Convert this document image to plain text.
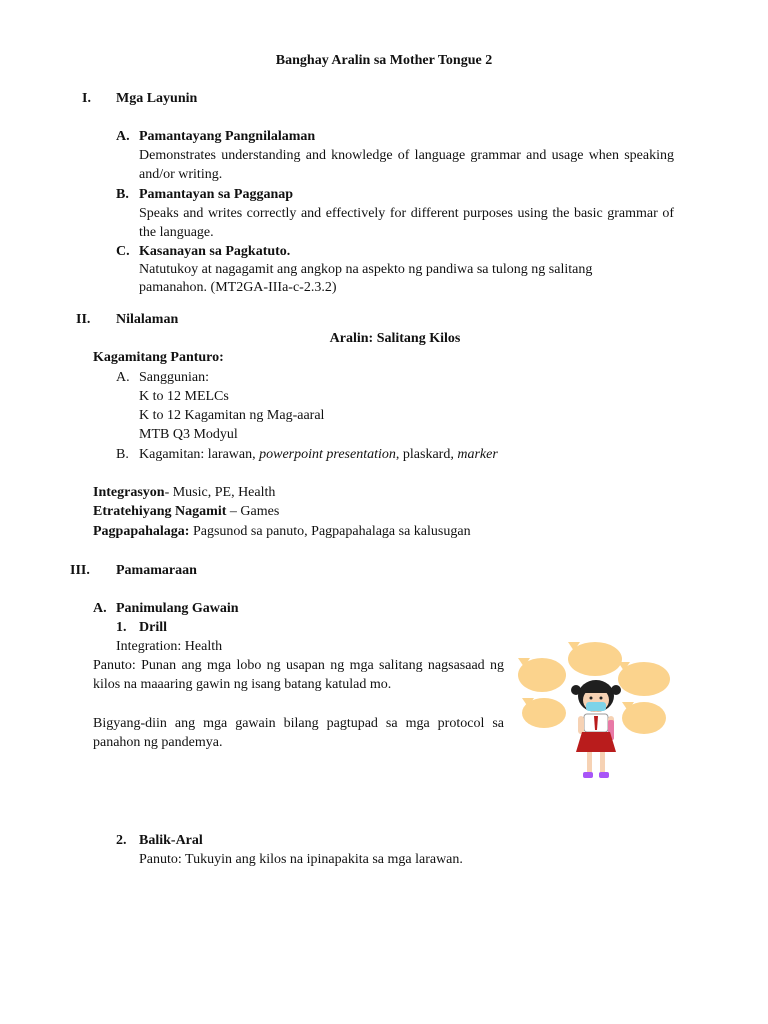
Banghay Aralin sa Mother Tongue 2
I. Mga Layunin
A. Pamantayang Pangnilalaman
Demonstrates understanding and knowledge of language grammar and usage when speaking and/or writing.
B. Pamantayan sa Pagganap
Speaks and writes correctly and effectively for different purposes using the basic grammar of the language.
C. Kasanayan sa Pagkatuto.
Natutukoy at nagagamit ang angkop na aspekto ng pandiwa sa tulong ng salitang
pamanahon. (MT2GA-IIIa-c-2.3.2)
II. Nilalaman
Aralin: Salitang Kilos
Kagamitang Panturo:
A. Sanggunian:
K to 12 MELCs
K to 12 Kagamitan ng Mag-aaral
MTB Q3 Modyul
B. Kagamitan: larawan, powerpoint presentation, plaskard, marker
Integrasyon- Music, PE, Health
Etratehiyang Nagamit – Games
Pagpapahalaga: Pagsunod sa panuto, Pagpapahalaga sa kalusugan
III. Pamamaraan
A. Panimulang Gawain
1. Drill
Integration: Health
Panuto: Punan ang mga lobo ng usapan ng mga salitang nagsasaad ng kilos na maaaring gawin ng isang batang katulad mo.
Bigyang-diin ang mga gawain bilang pagtupad sa mga protocol sa panahon ng pandemya.
2. Balik-Aral
Panuto: Tukuyin ang kilos na ipinapakita sa mga larawan.
